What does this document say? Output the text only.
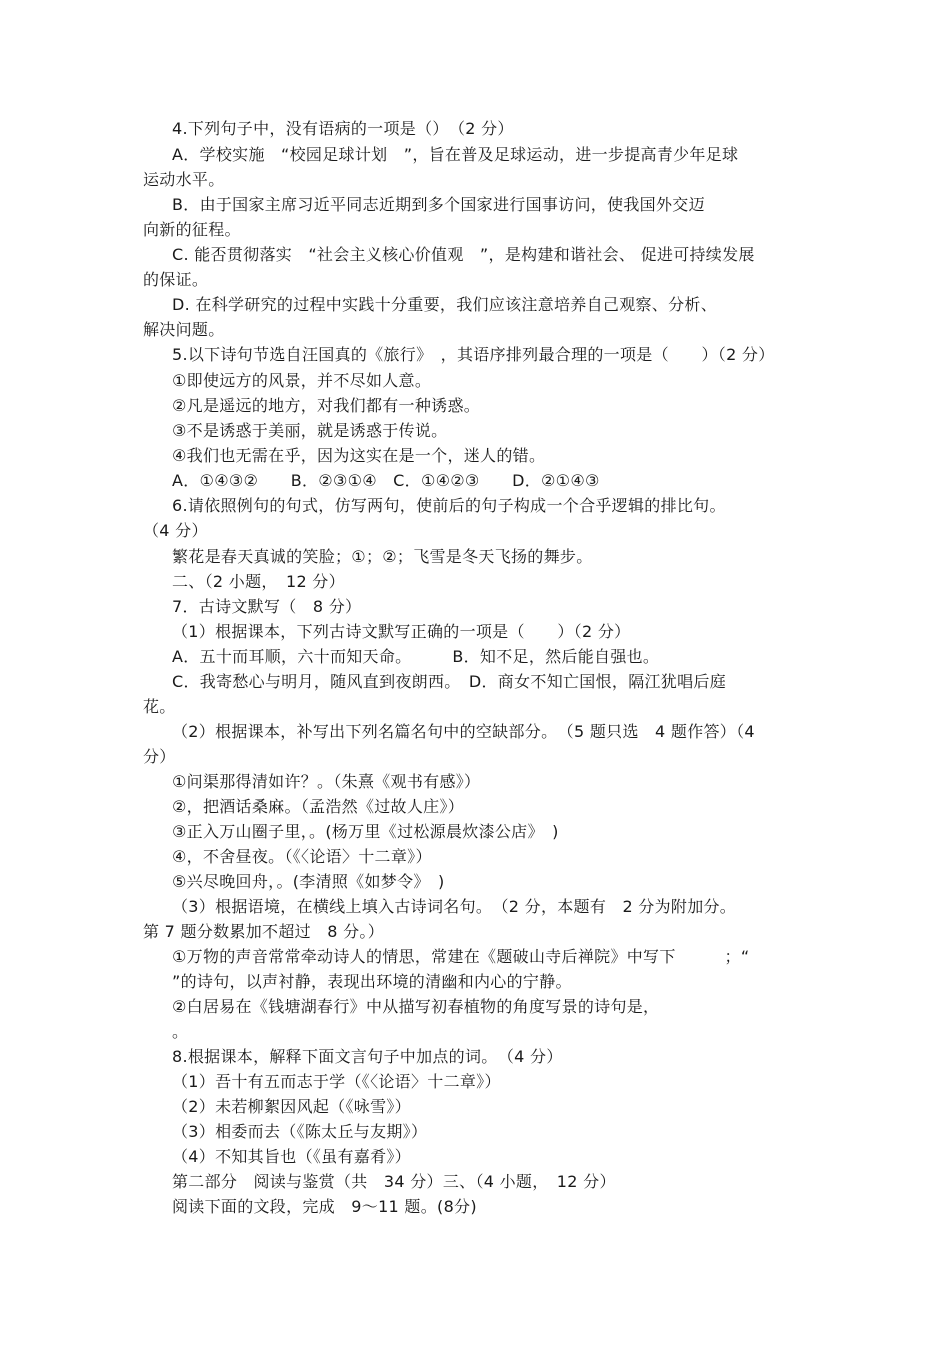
4.下列句子中，没有语病的一项是（）　（2 分）
A．学校实施　“校园足球计划　”，旨在普及足球运动，进一步提高青少年足球
运动水平。
B．由于国家主席习近平同志近期到多个国家进行国事访问，使我国外交迈
向新的征程。
C. 能否贯彻落实　“社会主义核心价值观　”，是构建和谐社会、 促进可持续发展
的保证。
D. 在科学研究的过程中实践十分重要，我们应该注意培养自己观察、分析、
解决问题。
5.以下诗句节选自汪国真的《旅行》　，其语序排列最合理的一项是（　　）（2 分）
①即使远方的风景，并不尽如人意。
②凡是遥远的地方，对我们都有一种诱惑。
③不是诱惑于美丽，就是诱惑于传说。
④我们也无需在乎，因为这实在是一个，迷人的错。
A．①④③②　　B．②③①④　C．①④②③　　D．②①④③
6.请依照例句的句式，仿写两句，使前后的句子构成一个合乎逻辑的排比句。
（4 分）
繁花是春天真诚的笑脸；①；②；飞雪是冬天飞扬的舞步。
二、（2 小题，　12 分）
7．古诗文默写（　8 分）
（1）根据课本，下列古诗文默写正确的一项是（　　）（2 分）
A．五十而耳顺，六十而知天命。　　　B．知不足，然后能自强也。
C．我寄愁心与明月，随风直到夜朗西。　D．商女不知亡国恨，隔江犹唱后庭
花。
（2）根据课本，补写出下列名篇名句中的空缺部分。　（5 题只选　4 题作答）（4
分）
①问渠那得清如许？。（朱熹《观书有感》）
②，把酒话桑麻。（孟浩然《过故人庄》）
③正入万山圈子里，。(杨万里《过松源晨炊漆公店》　)
④，不舍昼夜。（《〈论语〉十二章》）
⑤兴尽晚回舟，。(李清照《如梦令》　)
（3）根据语境，在横线上填入古诗词名句。　（2 分，本题有　2 分为附加分。
第 7 题分数累加不超过　8 分。）
①万物的声音常常牵动诗人的情思，常建在《题破山寺后禅院》中写下　　　；“
”的诗句，以声衬静，表现出环境的清幽和内心的宁静。
②白居易在《钱塘湖春行》中从描写初春植物的角度写景的诗句是，
。
8.根据课本，解释下面文言句子中加点的词。　（4 分）
（1）吾十有五而志于学（《〈论语〉十二章》）
（2）未若柳絮因风起（《咏雪》）
（3）相委而去（《陈太丘与友期》）
（4）不知其旨也（《虽有嘉肴》）
第二部分　阅读与鉴赏（共　34 分）三、（4 小题，　12 分）
阅读下面的文段，完成　9～11 题。(8分)
